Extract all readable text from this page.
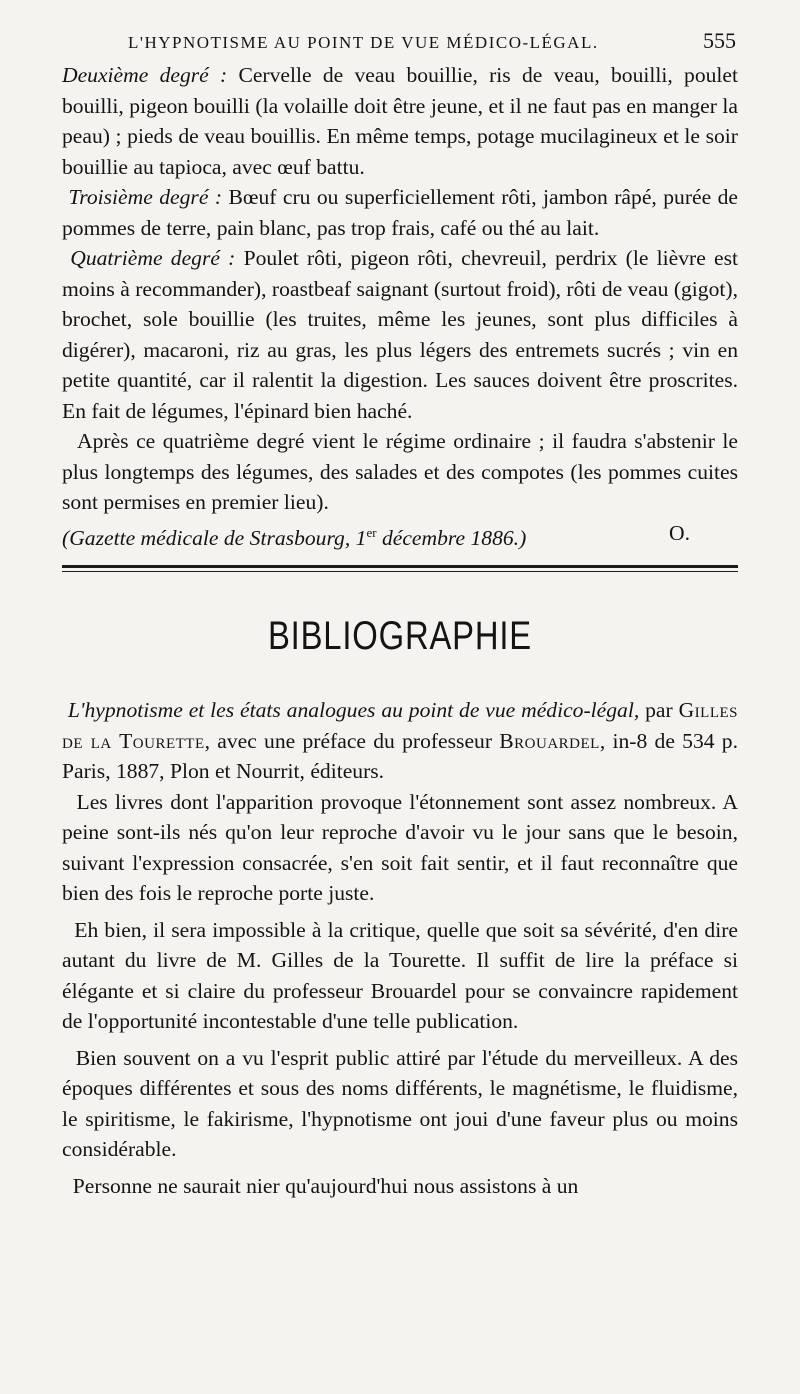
L'HYPNOTISME AU POINT DE VUE MÉDICO-LÉGAL.	555

Deuxième degré : Cervelle de veau bouillie, ris de veau, bouilli, poulet bouilli, pigeon bouilli (la volaille doit être jeune, et il ne faut pas en manger la peau) ; pieds de veau bouillis. En même temps, potage mucilagineux et le soir bouillie au tapioca, avec œuf battu.

Troisième degré : Bœuf cru ou superficiellement rôti, jambon râpé, purée de pommes de terre, pain blanc, pas trop frais, café ou thé au lait.

Quatrième degré : Poulet rôti, pigeon rôti, chevreuil, perdrix (le lièvre est moins à recommander), roastbeaf saignant (surtout froid), rôti de veau (gigot), brochet, sole bouillie (les truites, même les jeunes, sont plus difficiles à digérer), macaroni, riz au gras, les plus légers des entremets sucrés ; vin en petite quantité, car il ralentit la digestion. Les sauces doivent être proscrites. En fait de légumes, l'épinard bien haché.

Après ce quatrième degré vient le régime ordinaire ; il faudra s'abstenir le plus longtemps des légumes, des salades et des compotes (les pommes cuites sont permises en premier lieu).

(Gazette médicale de Strasbourg, 1er décembre 1886.)	O.
BIBLIOGRAPHIE

L'hypnotisme et les états analogues au point de vue médico-légal, par Gilles de la Tourette, avec une préface du professeur Brouardel, in-8 de 534 p. Paris, 1887, Plon et Nourrit, éditeurs.

Les livres dont l'apparition provoque l'étonnement sont assez nombreux. A peine sont-ils nés qu'on leur reproche d'avoir vu le jour sans que le besoin, suivant l'expression consacrée, s'en soit fait sentir, et il faut reconnaître que bien des fois le reproche porte juste.

Eh bien, il sera impossible à la critique, quelle que soit sa sévérité, d'en dire autant du livre de M. Gilles de la Tourette. Il suffit de lire la préface si élégante et si claire du professeur Brouardel pour se convaincre rapidement de l'opportunité incontestable d'une telle publication.

Bien souvent on a vu l'esprit public attiré par l'étude du merveilleux. A des époques différentes et sous des noms différents, le magnétisme, le fluidisme, le spiritisme, le fakirisme, l'hypnotisme ont joui d'une faveur plus ou moins considérable.

Personne ne saurait nier qu'aujourd'hui nous assistons à un
